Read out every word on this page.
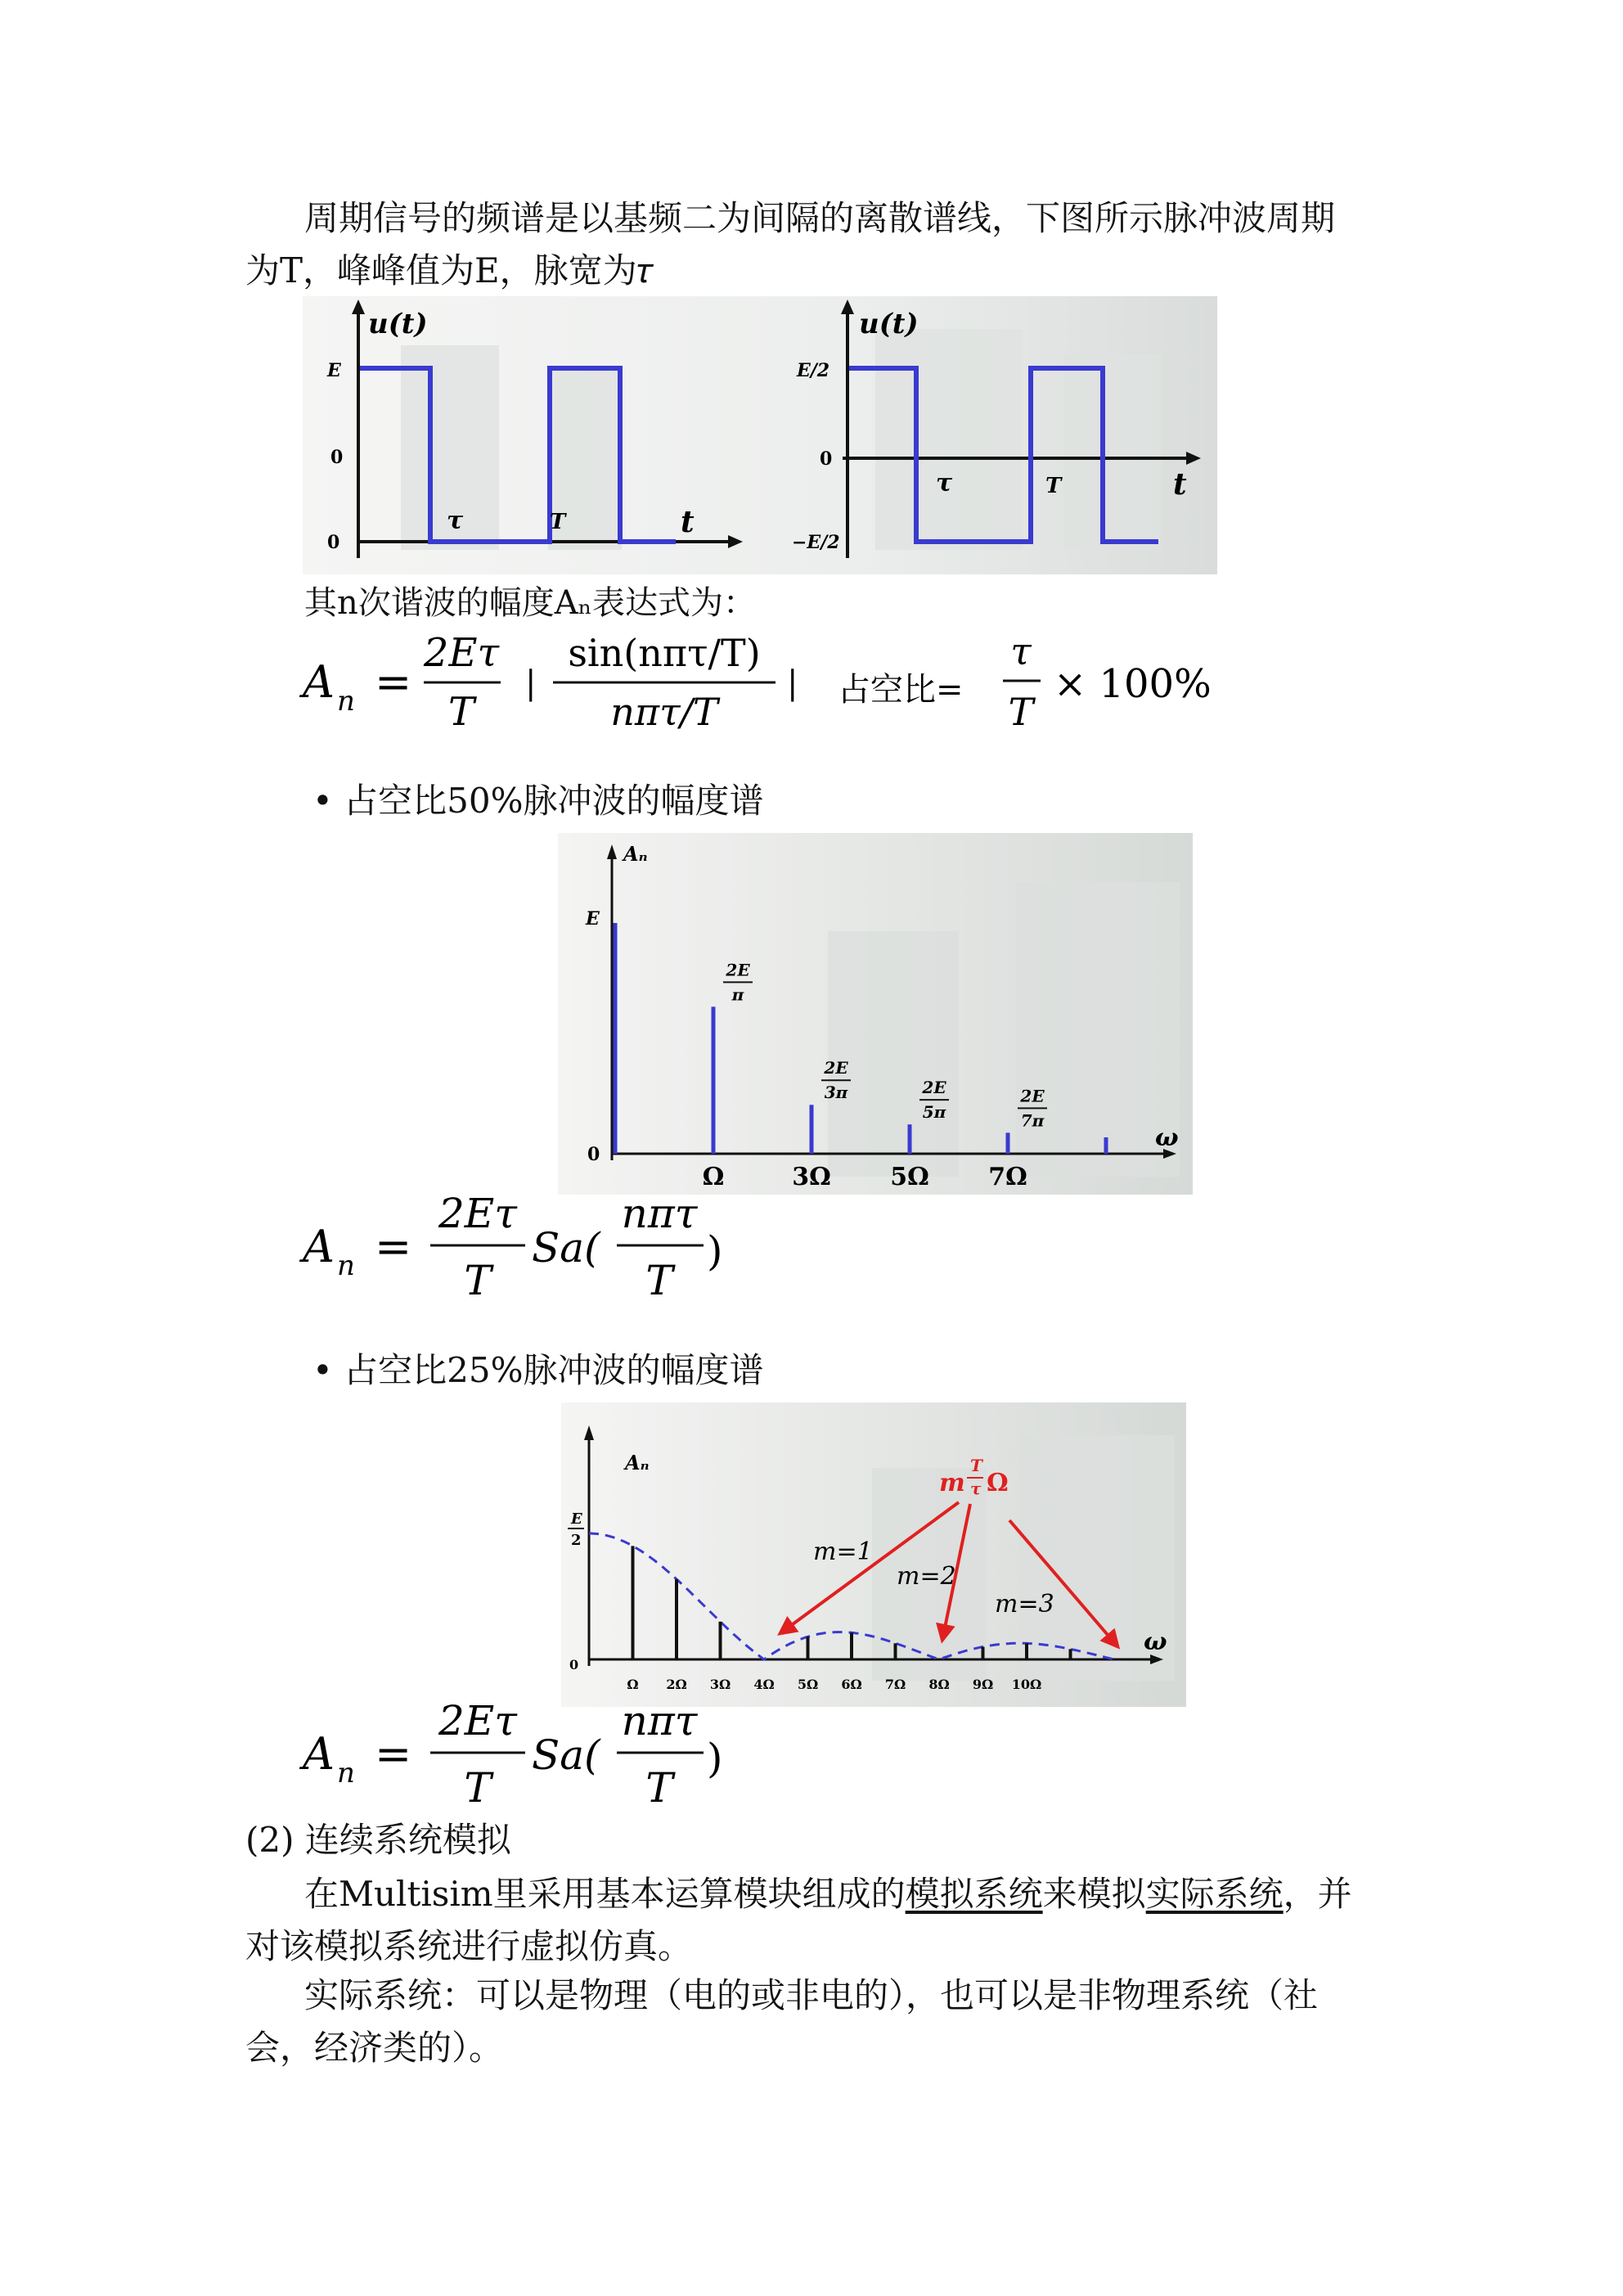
周期信号的频谱是以基频二为间隔的离散谱线，下图所示脉冲波周期
为T，峰峰值为E，脉宽为𝜏
u(t)
E
0
0
τ	T	t
u(t)
E/2
0
−E/2
τ	T	t
其n次谐波的幅度Aₙ表达式为：
A n =
2Eτ
T
|
sin(nπτ/T)
nπτ/T
| 占空比=
τ
T
× 100%
• 占空比50%脉冲波的幅度谱
Aₙ
E
0
ω
Ω	3Ω 5Ω 7Ω
2E
π
2E
3π	2E
5π
2E
7π
A n =
2Eτ
T
Sa(
nπτ
T
)
• 占空比25%脉冲波的幅度谱
Aₙ
E
2
0
ω
Ω 2Ω 3Ω 4Ω 5Ω 6Ω 7Ω 8Ω 9Ω 10Ω
m
T
τ Ω
m=1
m=2
m=3
A n =
2Eτ
T
Sa(
nπτ
T
)
(2) 连续系统模拟
在Multisim里采用基本运算模块组成的模拟系统来模拟实际系统，并
对该模拟系统进行虚拟仿真。
实际系统：可以是物理（电的或非电的），也可以是非物理系统（社
会，经济类的）。
